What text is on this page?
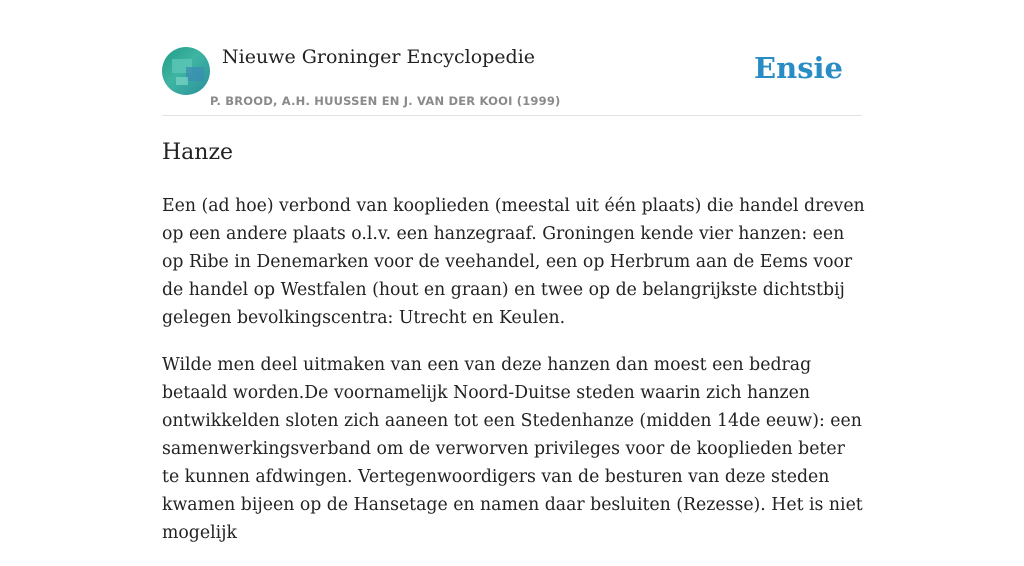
Nieuwe Groninger Encyclopedie
P. BROOD, A.H. HUUSSEN EN J. VAN DER KOOI (1999)
Ensie
Hanze

Een (ad hoe) verbond van kooplieden (meestal uit één plaats) die handel dreven op een andere plaats o.l.v. een hanzegraaf. Groningen kende vier hanzen: een op Ribe in Denemarken voor de veehandel, een op Herbrum aan de Eems voor de handel op Westfalen (hout en graan) en twee op de belangrijkste dichtstbij gelegen bevolkingscentra: Utrecht en Keulen.

Wilde men deel uitmaken van een van deze hanzen dan moest een bedrag betaald worden.De voornamelijk Noord-Duitse steden waarin zich hanzen ontwikkelden sloten zich aaneen tot een Stedenhanze (midden 14de eeuw): een samenwerkingsverband om de verworven privileges voor de kooplieden beter te kunnen afdwingen. Vertegenwoordigers van de besturen van deze steden kwamen bijeen op de Hansetage en namen daar besluiten (Rezesse). Het is niet mogelijk
